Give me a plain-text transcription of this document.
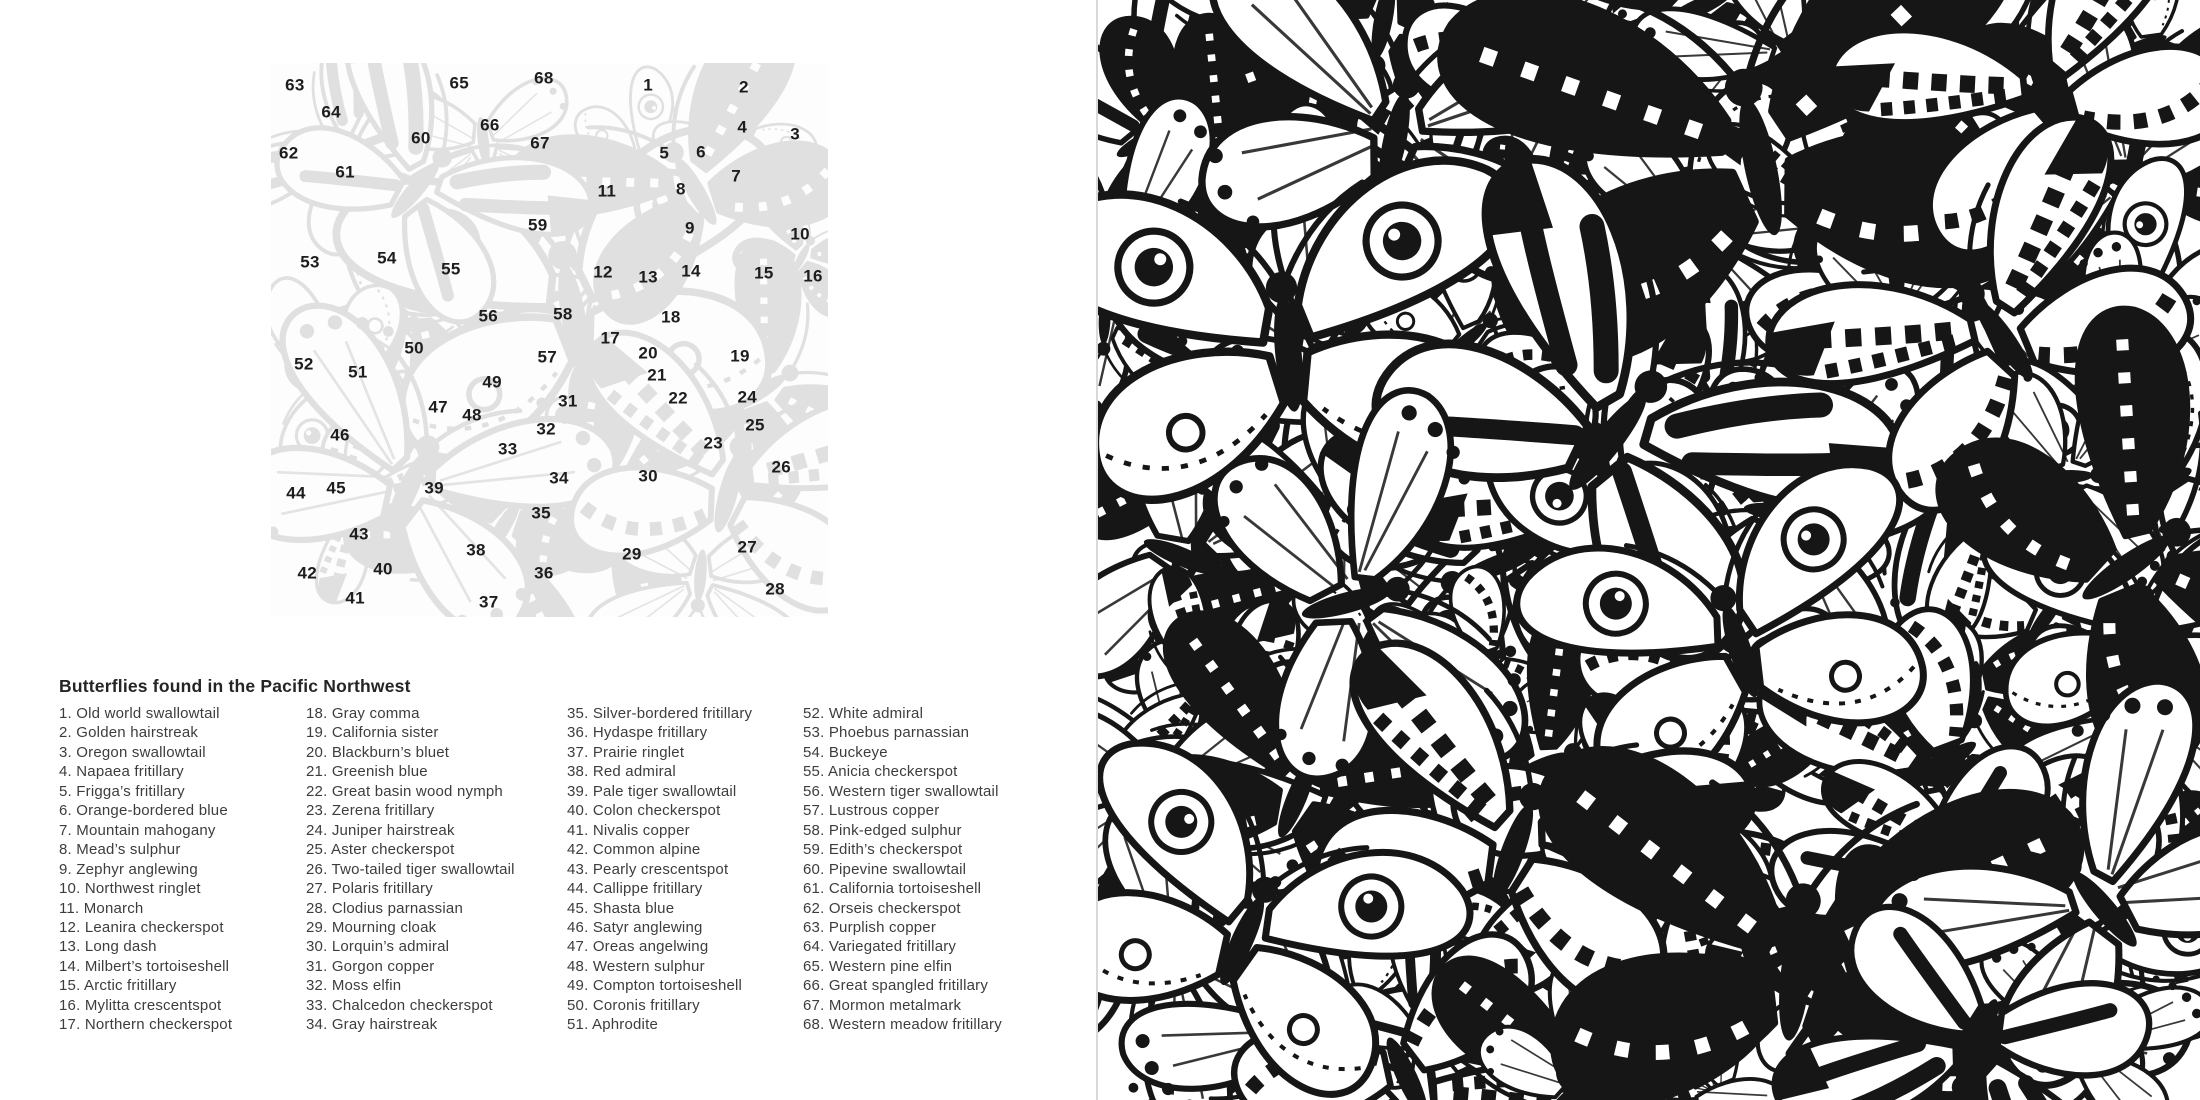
1	2
3
4
5 6
7
8
9	10
11
12 13 14	15 16
17
18
19
20
21
22
23
24
25
26
27
28
29
30
31
32
33
34
35
36
37
38
39
40
41
42
43
44 45
46
47 48
49
50
51
52
53	54
55
56
57
58
59
60
61
62
63
64
65
66
67
68
Butterflies found in the Pacific Northwest
1. Old world swallowtail
2. Golden hairstreak
3. Oregon swallowtail
4. Napaea fritillary
5. Frigga’s fritillary
6. Orange-bordered blue
7. Mountain mahogany
8. Mead’s sulphur
9. Zephyr anglewing
10. Northwest ringlet
11. Monarch
12. Leanira checkerspot
13. Long dash
14. Milbert’s tortoiseshell
15. Arctic fritillary
16. Mylitta crescentspot
17. Northern checkerspot
18. Gray comma
19. California sister
20. Blackburn’s bluet
21. Greenish blue
22. Great basin wood nymph
23. Zerena fritillary
24. Juniper hairstreak
25. Aster checkerspot
26. Two-tailed tiger swallowtail
27. Polaris fritillary
28. Clodius parnassian
29. Mourning cloak
30. Lorquin’s admiral
31. Gorgon copper
32. Moss elfin
33. Chalcedon checkerspot
34. Gray hairstreak
35. Silver-bordered fritillary
36. Hydaspe fritillary
37. Prairie ringlet
38. Red admiral
39. Pale tiger swallowtail
40. Colon checkerspot
41. Nivalis copper
42. Common alpine
43. Pearly crescentspot
44. Callippe fritillary
45. Shasta blue
46. Satyr anglewing
47. Oreas angelwing
48. Western sulphur
49. Compton tortoiseshell
50. Coronis fritillary
51. Aphrodite
52. White admiral
53. Phoebus parnassian
54. Buckeye
55. Anicia checkerspot
56. Western tiger swallowtail
57. Lustrous copper
58. Pink-edged sulphur
59. Edith’s checkerspot
60. Pipevine swallowtail
61. California tortoiseshell
62. Orseis checkerspot
63. Purplish copper
64. Variegated fritillary
65. Western pine elfin
66. Great spangled fritillary
67. Mormon metalmark
68. Western meadow fritillary
